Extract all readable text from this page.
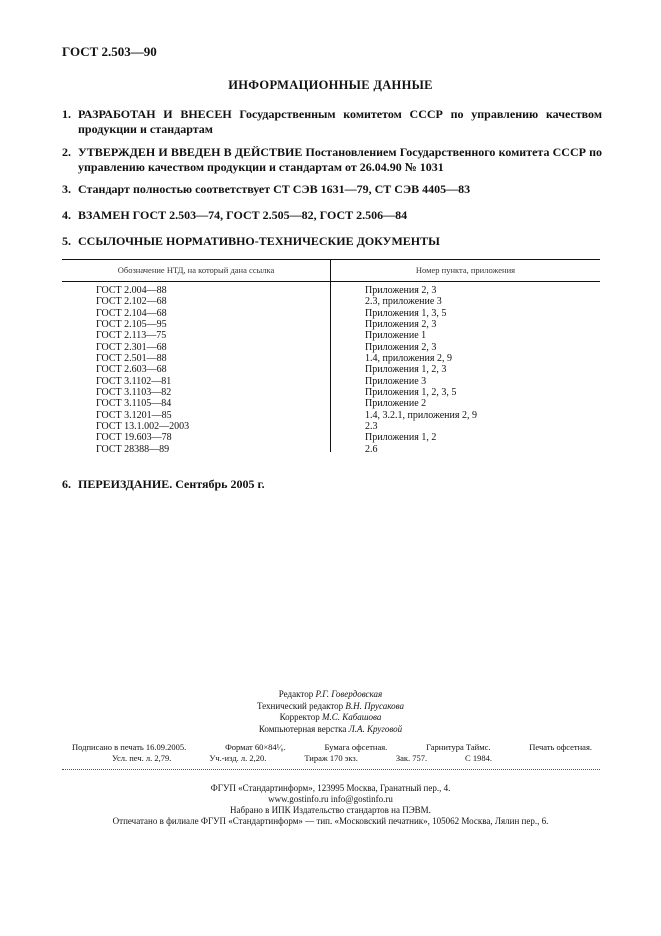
ГОСТ 2.503—90
ИНФОРМАЦИОННЫЕ ДАННЫЕ
1. РАЗРАБОТАН И ВНЕСЕН Государственным комитетом СССР по управлению качеством продукции и стандартам
2. УТВЕРЖДЕН И ВВЕДЕН В ДЕЙСТВИЕ Постановлением Государственного комитета СССР по управлению качеством продукции и стандартам от 26.04.90 № 1031
3. Стандарт полностью соответствует СТ СЭВ 1631—79, СТ СЭВ 4405—83
4. ВЗАМЕН ГОСТ 2.503—74, ГОСТ 2.505—82, ГОСТ 2.506—84
5. ССЫЛОЧНЫЕ НОРМАТИВНО-ТЕХНИЧЕСКИЕ ДОКУМЕНТЫ
Обозначение НТД, на который дана ссылка	Номер пункта, приложения
ГОСТ 2.004—88	Приложения 2, 3
ГОСТ 2.102—68	2.3, приложение 3
ГОСТ 2.104—68	Приложения 1, 3, 5
ГОСТ 2.105—95	Приложения 2, 3
ГОСТ 2.113—75	Приложение 1
ГОСТ 2.301—68	Приложения 2, 3
ГОСТ 2.501—88	1.4, приложения 2, 9
ГОСТ 2.603—68	Приложения 1, 2, 3
ГОСТ 3.1102—81	Приложение 3
ГОСТ 3.1103—82	Приложения 1, 2, 3, 5
ГОСТ 3.1105—84	Приложение 2
ГОСТ 3.1201—85	1.4, 3.2.1, приложения 2, 9
ГОСТ 13.1.002—2003	2.3
ГОСТ 19.603—78	Приложения 1, 2
ГОСТ 28388—89	2.6
6. ПЕРЕИЗДАНИЕ. Сентябрь 2005 г.
Редактор Р.Г. Говердовская
Технический редактор В.Н. Прусакова
Корректор М.С. Кабашова
Компьютерная верстка Л.А. Круговой
Подписано в печать 16.09.2005.	Формат 60×84¹⁄₈.	Бумага офсетная.	Гарнитура Таймс.	Печать офсетная.
Усл. печ. л. 2,79.	Уч.-изд. л. 2,20.	Тираж 170 экз.	Зак. 757.	С 1984.
ФГУП «Стандартинформ», 123995 Москва, Гранатный пер., 4.
www.gostinfo.ru info@gostinfo.ru
Набрано в ИПК Издательство стандартов на ПЭВМ.
Отпечатано в филиале ФГУП «Стандартинформ» — тип. «Московский печатник», 105062 Москва, Лялин пер., 6.
